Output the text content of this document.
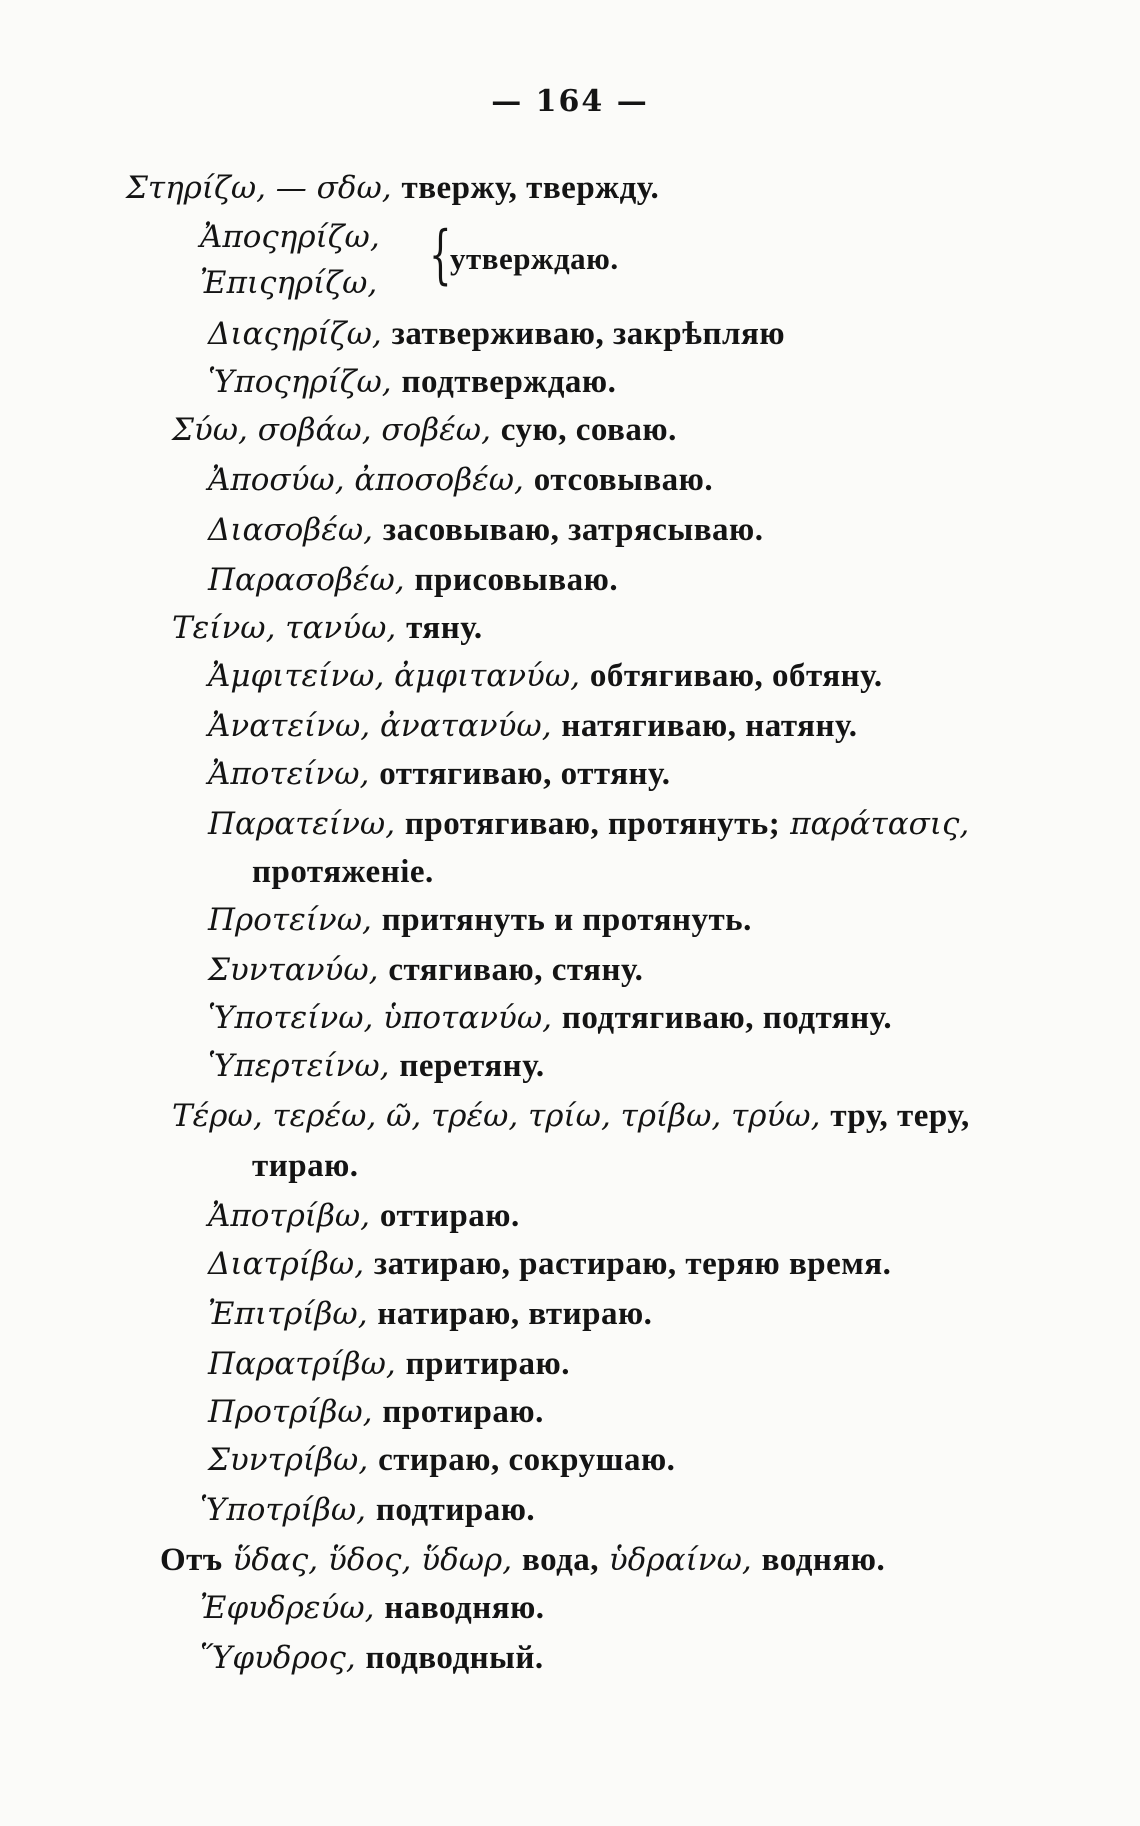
— 164 —
Στηρίζω, — σδω, твержу, твержду.
Ἀποςηρίζω,
Ἐπιςηρίζω, {
утверждаю.
Διαςηρίζω, затверживаю, закрѣпляю
Ὑποςηρίζω, подтверждаю.
Σύω, σοβάω, σοβέω, сую, совaю.
Ἀποσύω, ἀποσοβέω, отсовываю.
Διασοβέω, засовываю, затрясываю.
Παρασοβέω, присовываю.
Τείνω, τανύω, тяну.
Ἀμφιτείνω, ἀμφιτανύω, обтягиваю, обтяну.
Ἀνατείνω, ἀνατανύω, натягиваю, натяну.
Ἀποτείνω, оттягиваю, оттяну.
Παρατείνω, протягиваю, протянуть; παράτασις,
протяженiе.
Προτείνω, притянуть и протянуть.
Συντανύω, стягиваю, стяну.
Ὑποτείνω, ὑποτανύω, подтягиваю, подтяну.
Ὑπερτείνω, перетяну.
Τέρω, τερέω, ῶ, τρέω, τρίω, τρίβω, τρύω, тру, теру,
тираю.
Ἀποτρίβω, оттираю.
Διατρίβω, затираю, растираю, теряю время.
Ἐπιτρίβω, натираю, втираю.
Παρατρίβω, притираю.
Προτρίβω, протираю.
Συντρίβω, стираю, сокрушаю.
Ὑποτρίβω, подтираю.
Отъ ὕδας, ὕδος, ὕδωρ, вода, ὑδραίνω, водняю.
Ἐφυδρεύω, наводняю.
Ὕφυδρος, подводный.
